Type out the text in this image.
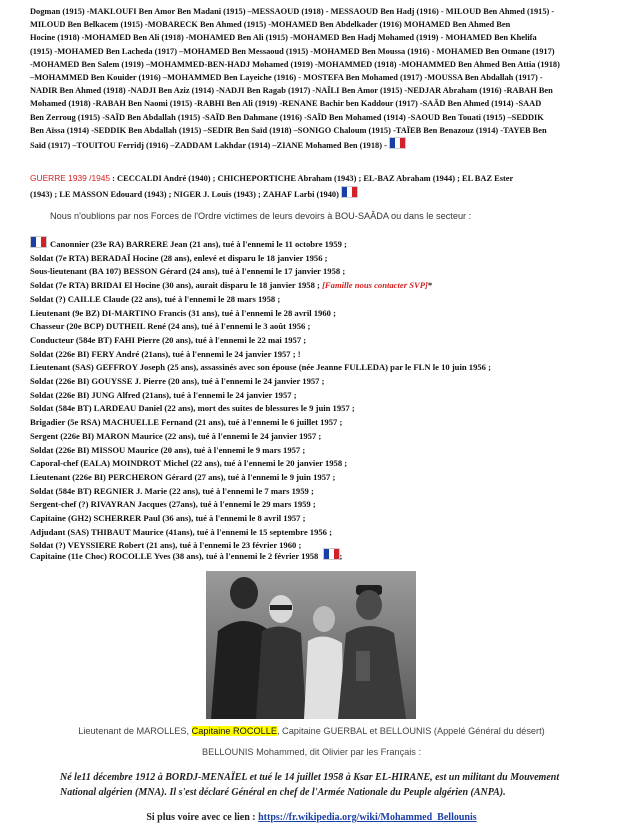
Dogman (1915) -MAKLOUFI Ben Amor Ben Madani (1915) –MESSAOUD (1918) - MESSAOUD Ben Hadj (1916) - MILOUD Ben Ahmed (1915) -
MILOUD Ben Belkacem (1915) -MOBARECK Ben Ahmed (1915) -MOHAMED Ben Abdelkader (1916) MOHAMED Ben Ahmed Ben
Hocine (1918) -MOHAMED Ben Ali (1918) -MOHAMED Ben Ali (1915) -MOHAMED Ben Hadj Mohamed (1919) - MOHAMED Ben Khelifa
(1915) -MOHAMED Ben Lacheda (1917) –MOHAMED Ben Messaoud (1915) -MOHAMED Ben Moussa (1916) - MOHAMED Ben Otmane (1917)
-MOHAMED Ben Salem (1919) –MOHAMMED-BEN-HADJ Mohamed (1919) -MOHAMMED (1918) -MOHAMMED Ben Ahmed Ben Attia (1918)
–MOHAMMED Ben Kouider (1916) –MOHAMMED Ben Layeiche (1916) - MOSTEFA Ben Mohamed (1917) -MOUSSA Ben Abdallah (1917) -
NADIR Ben Ahmed (1918) -NADJI Ben Aziz (1914) -NADJI Ben Ragab (1917) -NAÏLI Ben Amor (1915) -NEDJAR Abraham (1916) -RABAH Ben
Mohamed (1918) -RABAH Ben Naomi (1915) -RABHI Ben Ali (1919) -RENANE Bachir ben Kaddour (1917) -SAÂD Ben Ahmed (1914) -SAAD
Ben Zerroug (1915) -SAÏD Ben Abdallah (1915) -SAÏD Ben Dahmane (1916) -SAÏD Ben Mohamed (1914) -SAOUD Ben Touati (1915) –SEDDIK
Ben Aïssa (1914) -SEDDIK Ben Abdallah (1915) –SEDIR Ben Saïd (1918) –SONIGO Chaloum (1915) -TAÏEB Ben Benazouz (1914) -TAYEB Ben
Saïd (1917) –TOUITOU Ferridj (1916) –ZADDAM Lakhdar (1914) –ZIANE Mohamed Ben (1918) -
GUERRE 1939 /1945 : CECCALDI André (1940) ; CHICHEPORTICHE Abraham (1943) ; EL-BAZ Abraham (1944) ; EL BAZ Ester
(1943) ; LE MASSON Edouard (1943) ; NIGER J. Louis (1943) ; ZAHAF Larbi (1940)
Nous n'oublions par nos Forces de l'Ordre victimes de leurs devoirs à BOU-SAÂDA ou dans le secteur :
Canonnier (23e RA) BARRERE Jean (21 ans), tué à l'ennemi le 11 octobre 1959 ;
Soldat (7e RTA) BERADAÏ Hocine (28 ans), enlevé et disparu le 18 janvier 1956 ;
Sous-lieutenant (BA 107) BESSON Gérard (24 ans), tué à l'ennemi le 17 janvier 1958 ;
Soldat (7e RTA) BRIDAI El Hocine (30 ans), aurait disparu le 18 janvier 1958 ; [Famille nous contacter SVP]*
Soldat (?) CAILLE Claude (22 ans), tué à l'ennemi le 28 mars 1958 ;
Lieutenant (9e BZ) DI-MARTINO Francis (31 ans), tué à l'ennemi le 28 avril 1960 ;
Chasseur (20e BCP) DUTHEIL René (24 ans), tué à l'ennemi le 3 août 1956 ;
Conducteur (584e BT) FAHI Pierre (20 ans), tué à l'ennemi le 22 mai 1957 ;
Soldat (226e BI) FERY André (21ans), tué à l'ennemi le 24 janvier 1957 ; !
Lieutenant (SAS) GEFFROY Joseph (25 ans), assassinés avec son épouse (née Jeanne FULLEDA) par le FLN le 10 juin 1956 ;
Soldat (226e BI) GOUYSSE J. Pierre (20 ans), tué à l'ennemi le 24 janvier 1957 ;
Soldat (226e BI) JUNG Alfred (21ans), tué à l'ennemi le 24 janvier 1957 ;
Soldat (584e BT) LARDEAU Daniel (22 ans), mort des suites de blessures le 9 juin 1957 ;
Brigadier (5e RSA) MACHUELLE Fernand (21 ans), tué à l'ennemi le 6 juillet 1957 ;
Sergent (226e BI) MARON Maurice (22 ans), tué à l'ennemi le 24 janvier 1957 ;
Soldat (226e BI) MISSOU Maurice (20 ans), tué à l'ennemi le 9 mars 1957 ;
Caporal-chef (EALA) MOINDROT Michel (22 ans), tué à l'ennemi le 20 janvier 1958 ;
Lieutenant (226e BI) PERCHERON Gérard (27 ans), tué à l'ennemi le 9 juin 1957 ;
Soldat (584e BT) REGNIER J. Marie (22 ans), tué à l'ennemi le 7 mars 1959 ;
Sergent-chef (?) RIVAYRAN Jacques (27ans), tué à l'ennemi le 29 mars 1959 ;
Capitaine (GH2) SCHERRER Paul (36 ans), tué à l'ennemi le 8 avril 1957 ;
Adjudant (SAS) THIBAUT Maurice (41ans), tué à l'ennemi le 15 septembre 1956 ;
Soldat (?) VEYSSIERE Robert (21 ans), tué à l'ennemi le 23 février 1960 ;
Capitaine (11e Choc) ROCOLLE Yves (38 ans), tué à l'ennemi le 2 février 1958 ;
Lieutenant de MAROLLES, Capitaine ROCOLLE, Capitaine GUERBAL et BELLOUNIS (Appelé Général du désert)
BELLOUNIS Mohammed, dit Olivier par les Français :
Né le11 décembre 1912 à BORDJ-MENAÏEL et tué le 14 juillet 1958 à Ksar EL-HIRANE, est un militant du Mouvement National algérien (MNA). Il s'est déclaré Général en chef de l'Armée Nationale du Peuple algérien (ANPA).
Si plus voire avec ce lien : https://fr.wikipedia.org/wiki/Mohammed_Bellounis
